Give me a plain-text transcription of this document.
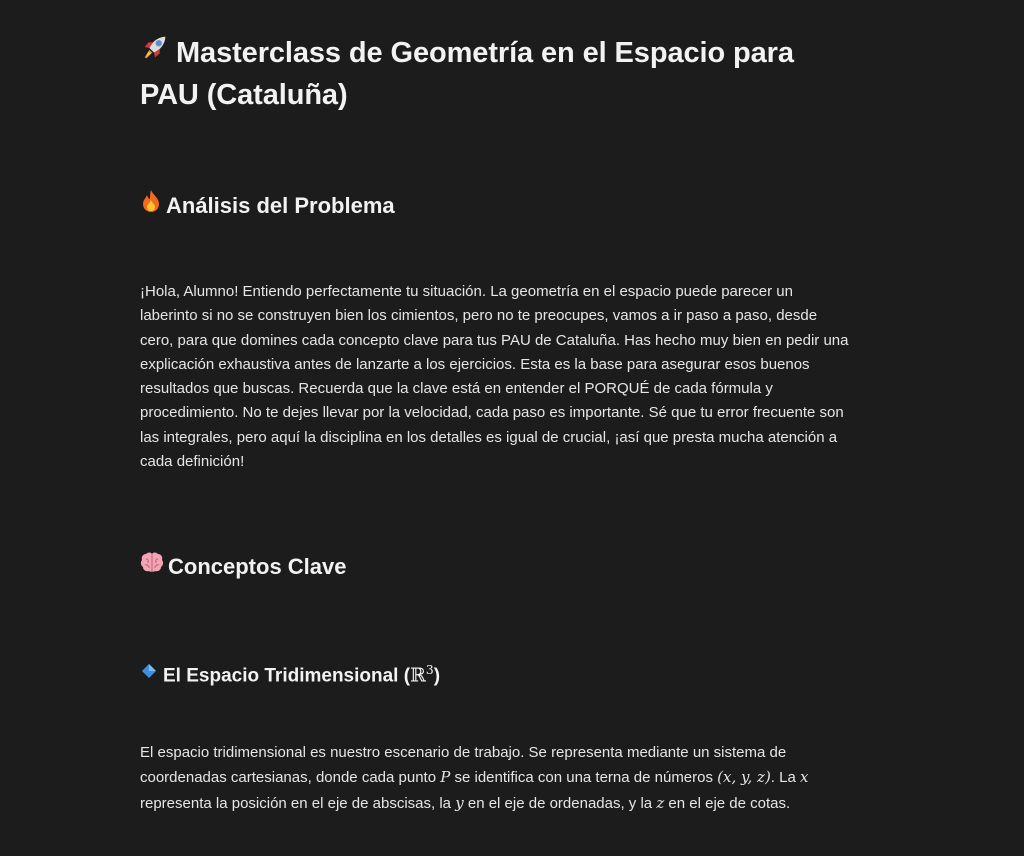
Masterclass de Geometría en el Espacio para PAU (Cataluña)
Análisis del Problema

¡Hola, Alumno! Entiendo perfectamente tu situación. La geometría en el espacio puede parecer un laberinto si no se construyen bien los cimientos, pero no te preocupes, vamos a ir paso a paso, desde cero, para que domines cada concepto clave para tus PAU de Cataluña. Has hecho muy bien en pedir una explicación exhaustiva antes de lanzarte a los ejercicios. Esta es la base para asegurar esos buenos resultados que buscas. Recuerda que la clave está en entender el PORQUÉ de cada fórmula y procedimiento. No te dejes llevar por la velocidad, cada paso es importante. Sé que tu error frecuente son las integrales, pero aquí la disciplina en los detalles es igual de crucial, ¡así que presta mucha atención a cada definición!

Conceptos Clave
El Espacio Tridimensional (ℝ$^3$)

El espacio tridimensional es nuestro escenario de trabajo. Se representa mediante un sistema de coordenadas cartesianas, donde cada punto P se identifica con una terna de números (x, y, z). La x representa la posición en el eje de abscisas, la y en el eje de ordenadas, y la z en el eje de cotas.
